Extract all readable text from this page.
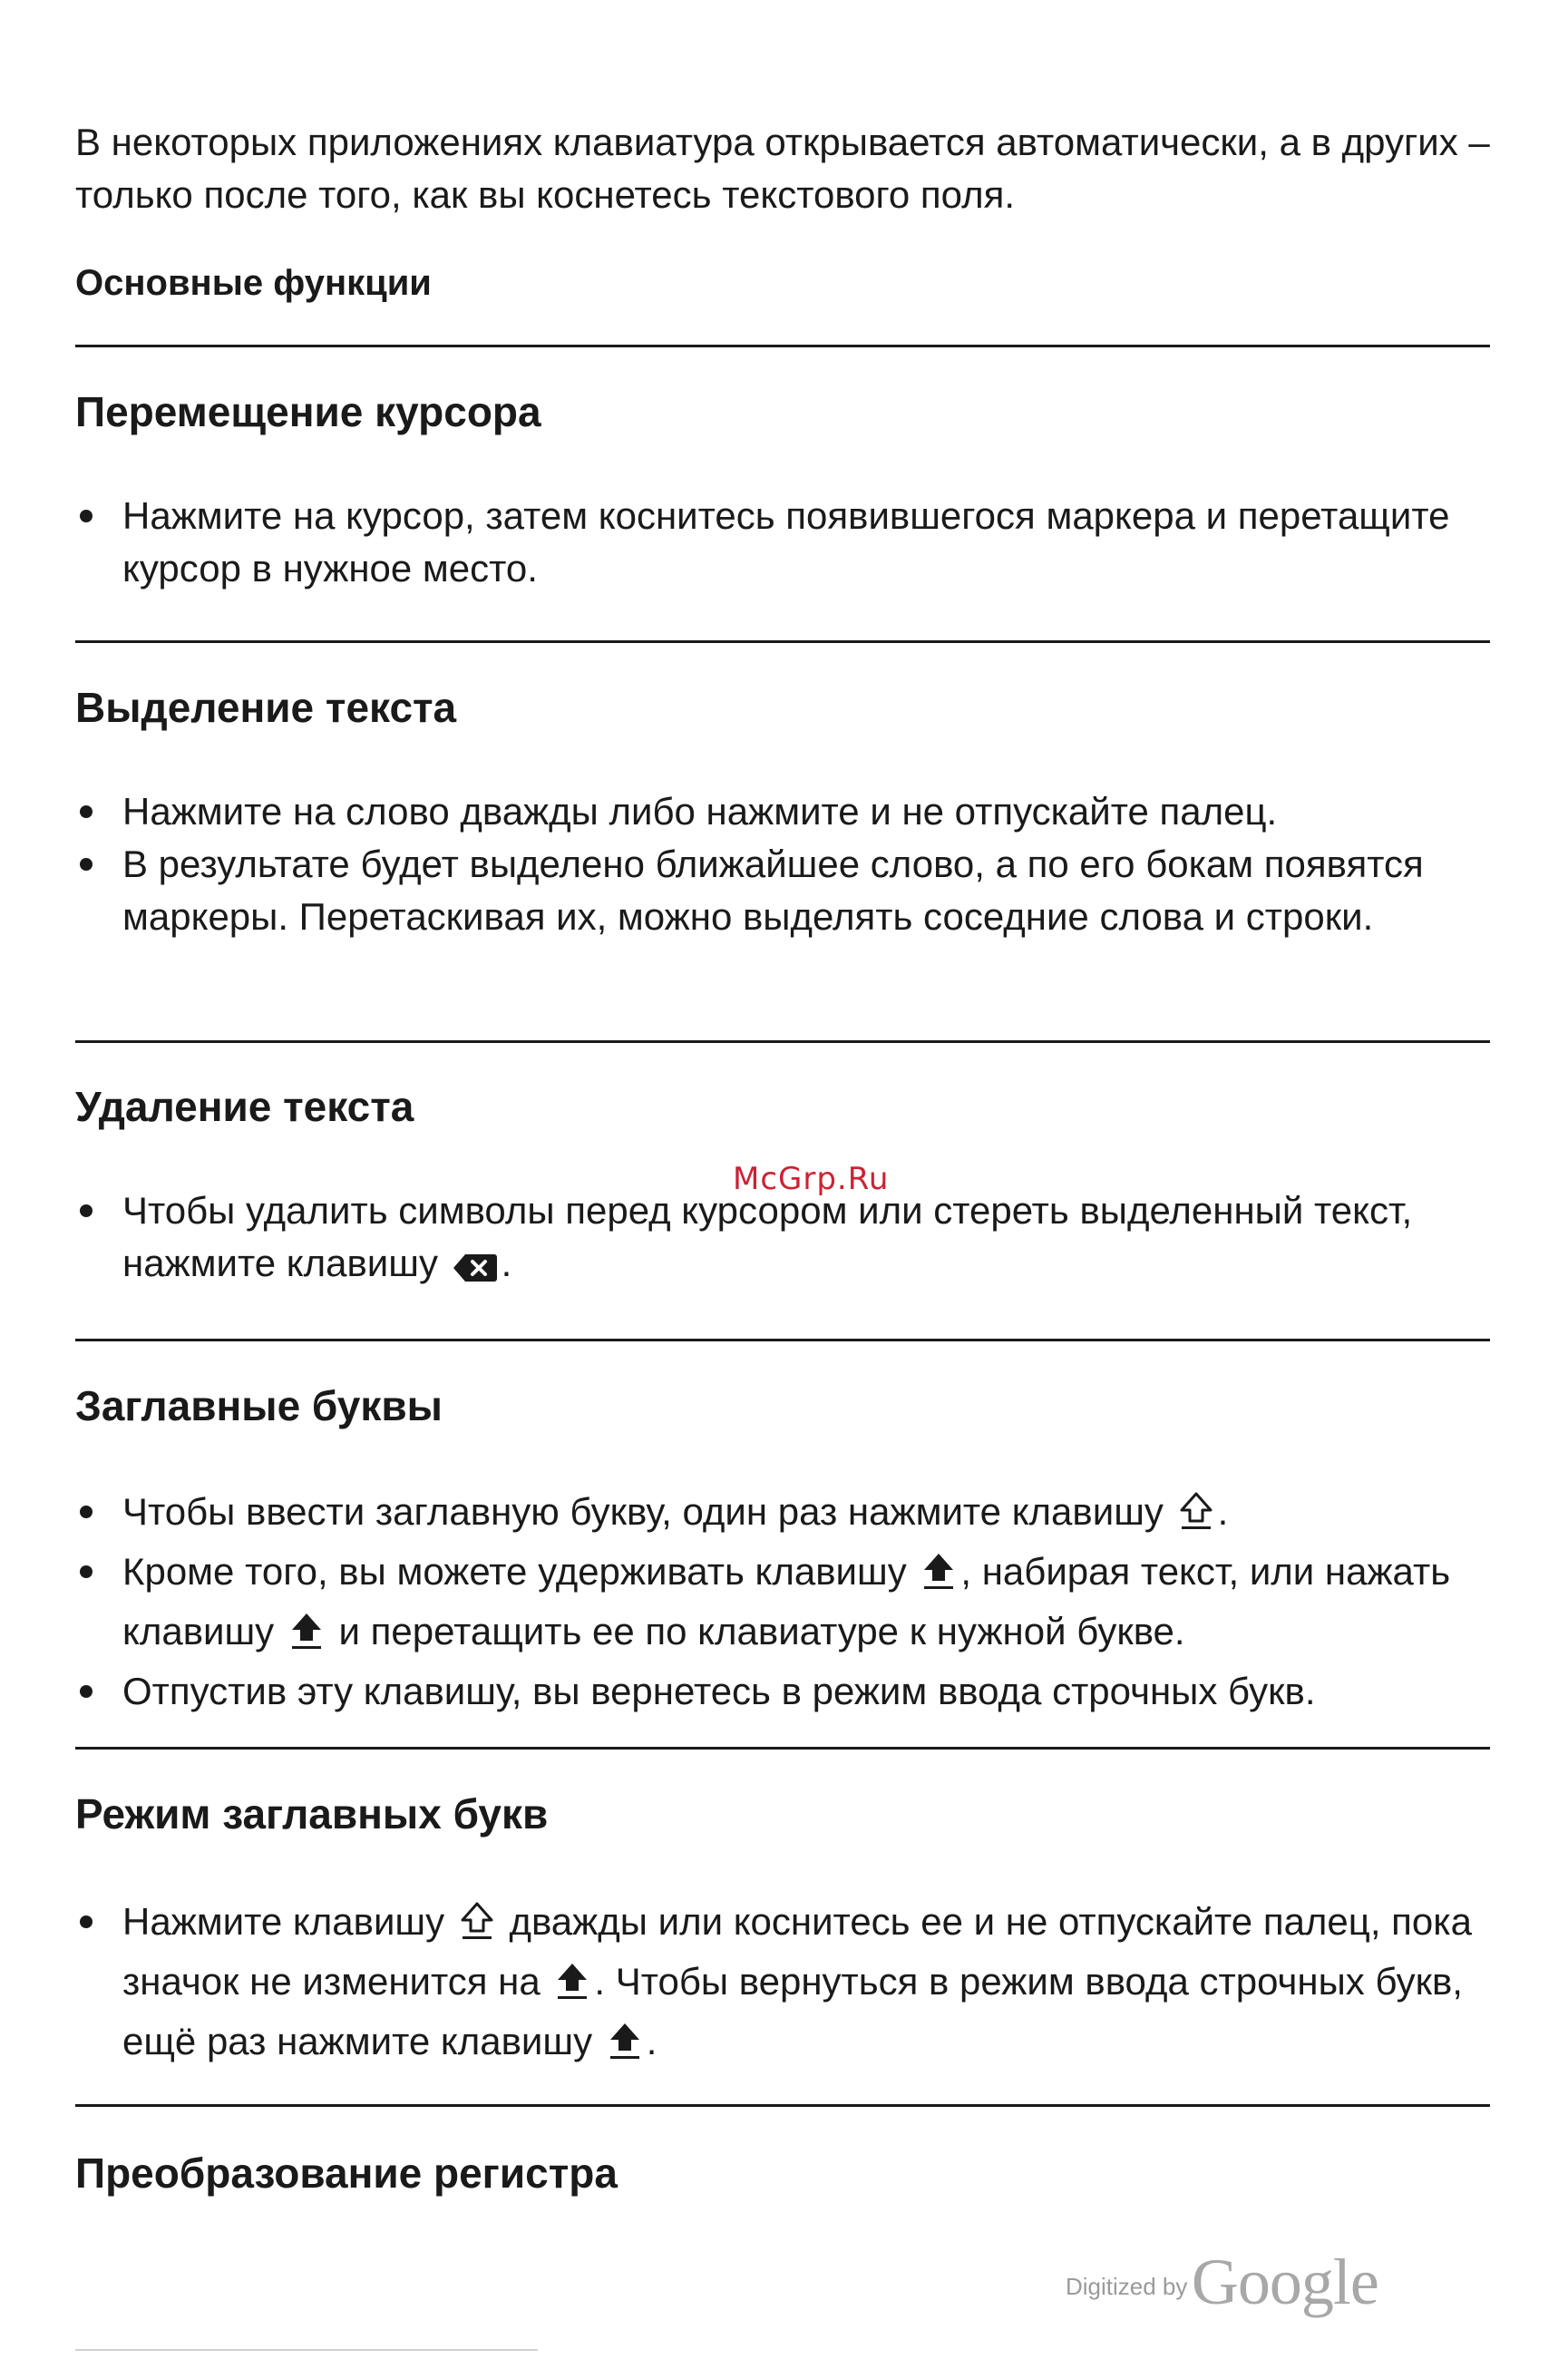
В некоторых приложениях клавиатура открывается автоматически, а в других – только после того, как вы коснетесь текстового поля.

Основные функции

Перемещение курсора
Нажмите на курсор, затем коснитесь появившегося маркера и перетащите курсор в нужное место.
Выделение текста
Нажмите на слово дважды либо нажмите и не отпускайте палец.
В результате будет выделено ближайшее слово, а по его бокам появятся маркеры. Перетаскивая их, можно выделять соседние слова и строки.
Удаление текста
Чтобы удалить символы перед курсором или стереть выделенный текст, нажмите клавишу .
Заглавные буквы
Чтобы ввести заглавную букву, один раз нажмите клавишу .
Кроме того, вы можете удерживать клавишу , набирая текст, или нажать клавишу и перетащить ее по клавиатуре к нужной букве.
Отпустив эту клавишу, вы вернетесь в режим ввода строчных букв.
Режим заглавных букв
Нажмите клавишу дважды или коснитесь ее и не отпускайте палец, пока значок не изменится на . Чтобы вернуться в режим ввода строчных букв, ещё раз нажмите клавишу .
Преобразование регистра
McGrp.Ru
Digitized by Google
